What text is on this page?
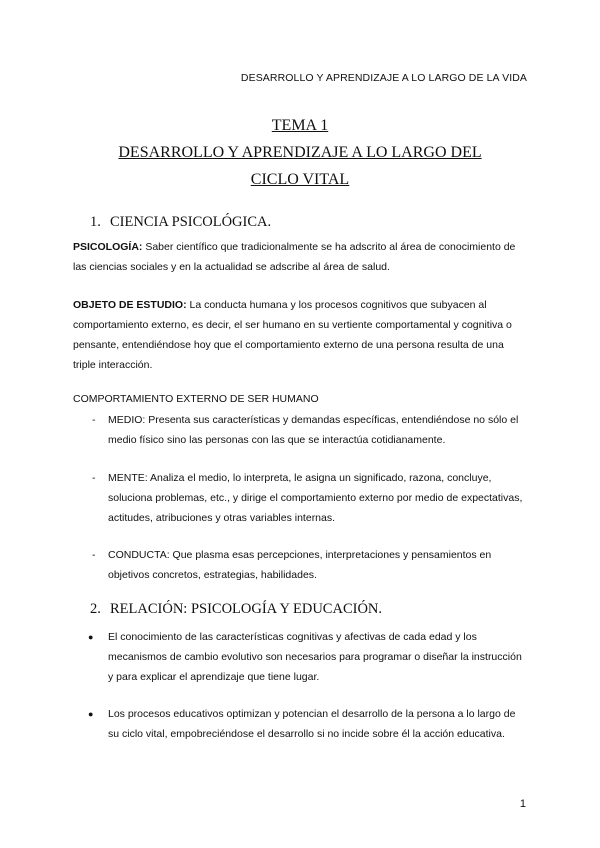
DESARROLLO Y APRENDIZAJE A LO LARGO DE LA VIDA
TEMA 1
DESARROLLO Y APRENDIZAJE A LO LARGO DEL
CICLO VITAL
1. CIENCIA PSICOLÓGICA.
PSICOLOGÍA: Saber científico que tradicionalmente se ha adscrito al área de conocimiento de las ciencias sociales y en la actualidad se adscribe al área de salud.
OBJETO DE ESTUDIO: La conducta humana y los procesos cognitivos que subyacen al comportamiento externo, es decir, el ser humano en su vertiente comportamental y cognitiva o pensante, entendiéndose hoy que el comportamiento externo de una persona resulta de una triple interacción.
COMPORTAMIENTO EXTERNO DE SER HUMANO
- MEDIO: Presenta sus características y demandas específicas, entendiéndose no sólo el medio físico sino las personas con las que se interactúa cotidianamente.
- MENTE: Analiza el medio, lo interpreta, le asigna un significado, razona, concluye, soluciona problemas, etc., y dirige el comportamiento externo por medio de expectativas, actitudes, atribuciones y otras variables internas.
- CONDUCTA: Que plasma esas percepciones, interpretaciones y pensamientos en objetivos concretos, estrategias, habilidades.
2. RELACIÓN: PSICOLOGÍA Y EDUCACIÓN.
● El conocimiento de las características cognitivas y afectivas de cada edad y los mecanismos de cambio evolutivo son necesarios para programar o diseñar la instrucción y para explicar el aprendizaje que tiene lugar.
● Los procesos educativos optimizan y potencian el desarrollo de la persona a lo largo de su ciclo vital, empobreciéndose el desarrollo si no incide sobre él la acción educativa.
1
